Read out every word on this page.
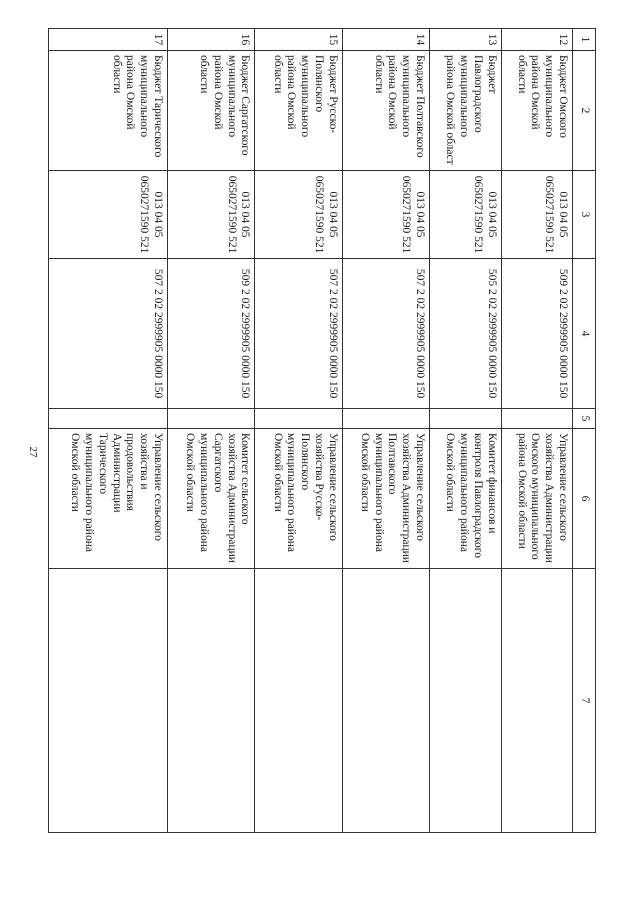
27
1	2	3	4	5	6	7
12	Бюджет Омского муниципального района Омской области	013 04 05 0650271590 521	509 2 02 2999905 0000 150		Управление сельского хозяйства Администрации Омского муниципального района Омской области	
13	Бюджет Павлоградского муниципального района Омской област	013 04 05 0650271590 521	505 2 02 2999905 0000 150		Комитет финансов и контроля Павлоградского муниципального района Омской области	
14	Бюджет Полтавского муниципального района Омской области	013 04 05 0650271590 521	507 2 02 2999905 0000 150		Управление сельского хозяйства Администрации Полтавского муниципального района Омской области	
15	Бюджет Русско-Полянского муниципального района Омской области	013 04 05 0650271590 521	507 2 02 2999905 0000 150		Управление сельского хозяйства Русско-Полянского муниципального района Омской области	
16	Бюджет Саргатского муниципального района Омской области	013 04 05 0650271590 521	509 2 02 2999905 0000 150		Комитет сельского хозяйства Администрации Саргатского муниципального района Омской области	
17	Бюджет Тарического муниципального района Омской области	013 04 05 0650271590 521	507 2 02 2999905 0000 150		Управление сельского хозяйства и продовольствия Администрации Тарического муниципального района Омской области	
